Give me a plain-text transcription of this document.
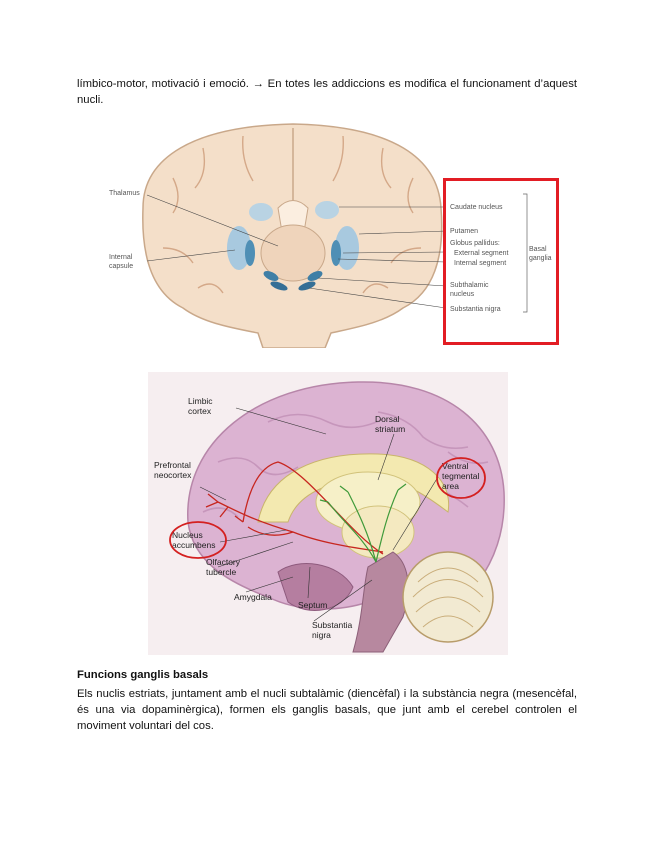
límbico-motor, motivació i emoció. → En totes les addiccions es modifica el funcionament d’aquest nucli.

Thalamus
Internal
capsule
Caudate nucleus
Putamen
Globus pallidus:
External segment
Internal segment
Subthalamic
nucleus
Substantia nigra
Basal
ganglia
Limbic
cortex
Dorsal
striatum
Prefrontal
neocortex
Ventral
tegmental
area
Nucleus
accumbens
Olfactory
tubercle
Amygdala
Septum
Substantia
nigra

Funcions ganglis basals

Els nuclis estriats, juntament amb el nucli subtalàmic (diencèfal) i la substància negra (mesencèfal, és una via dopaminèrgica), formen els ganglis basals, que junt amb el cerebel controlen el moviment voluntari del cos.
